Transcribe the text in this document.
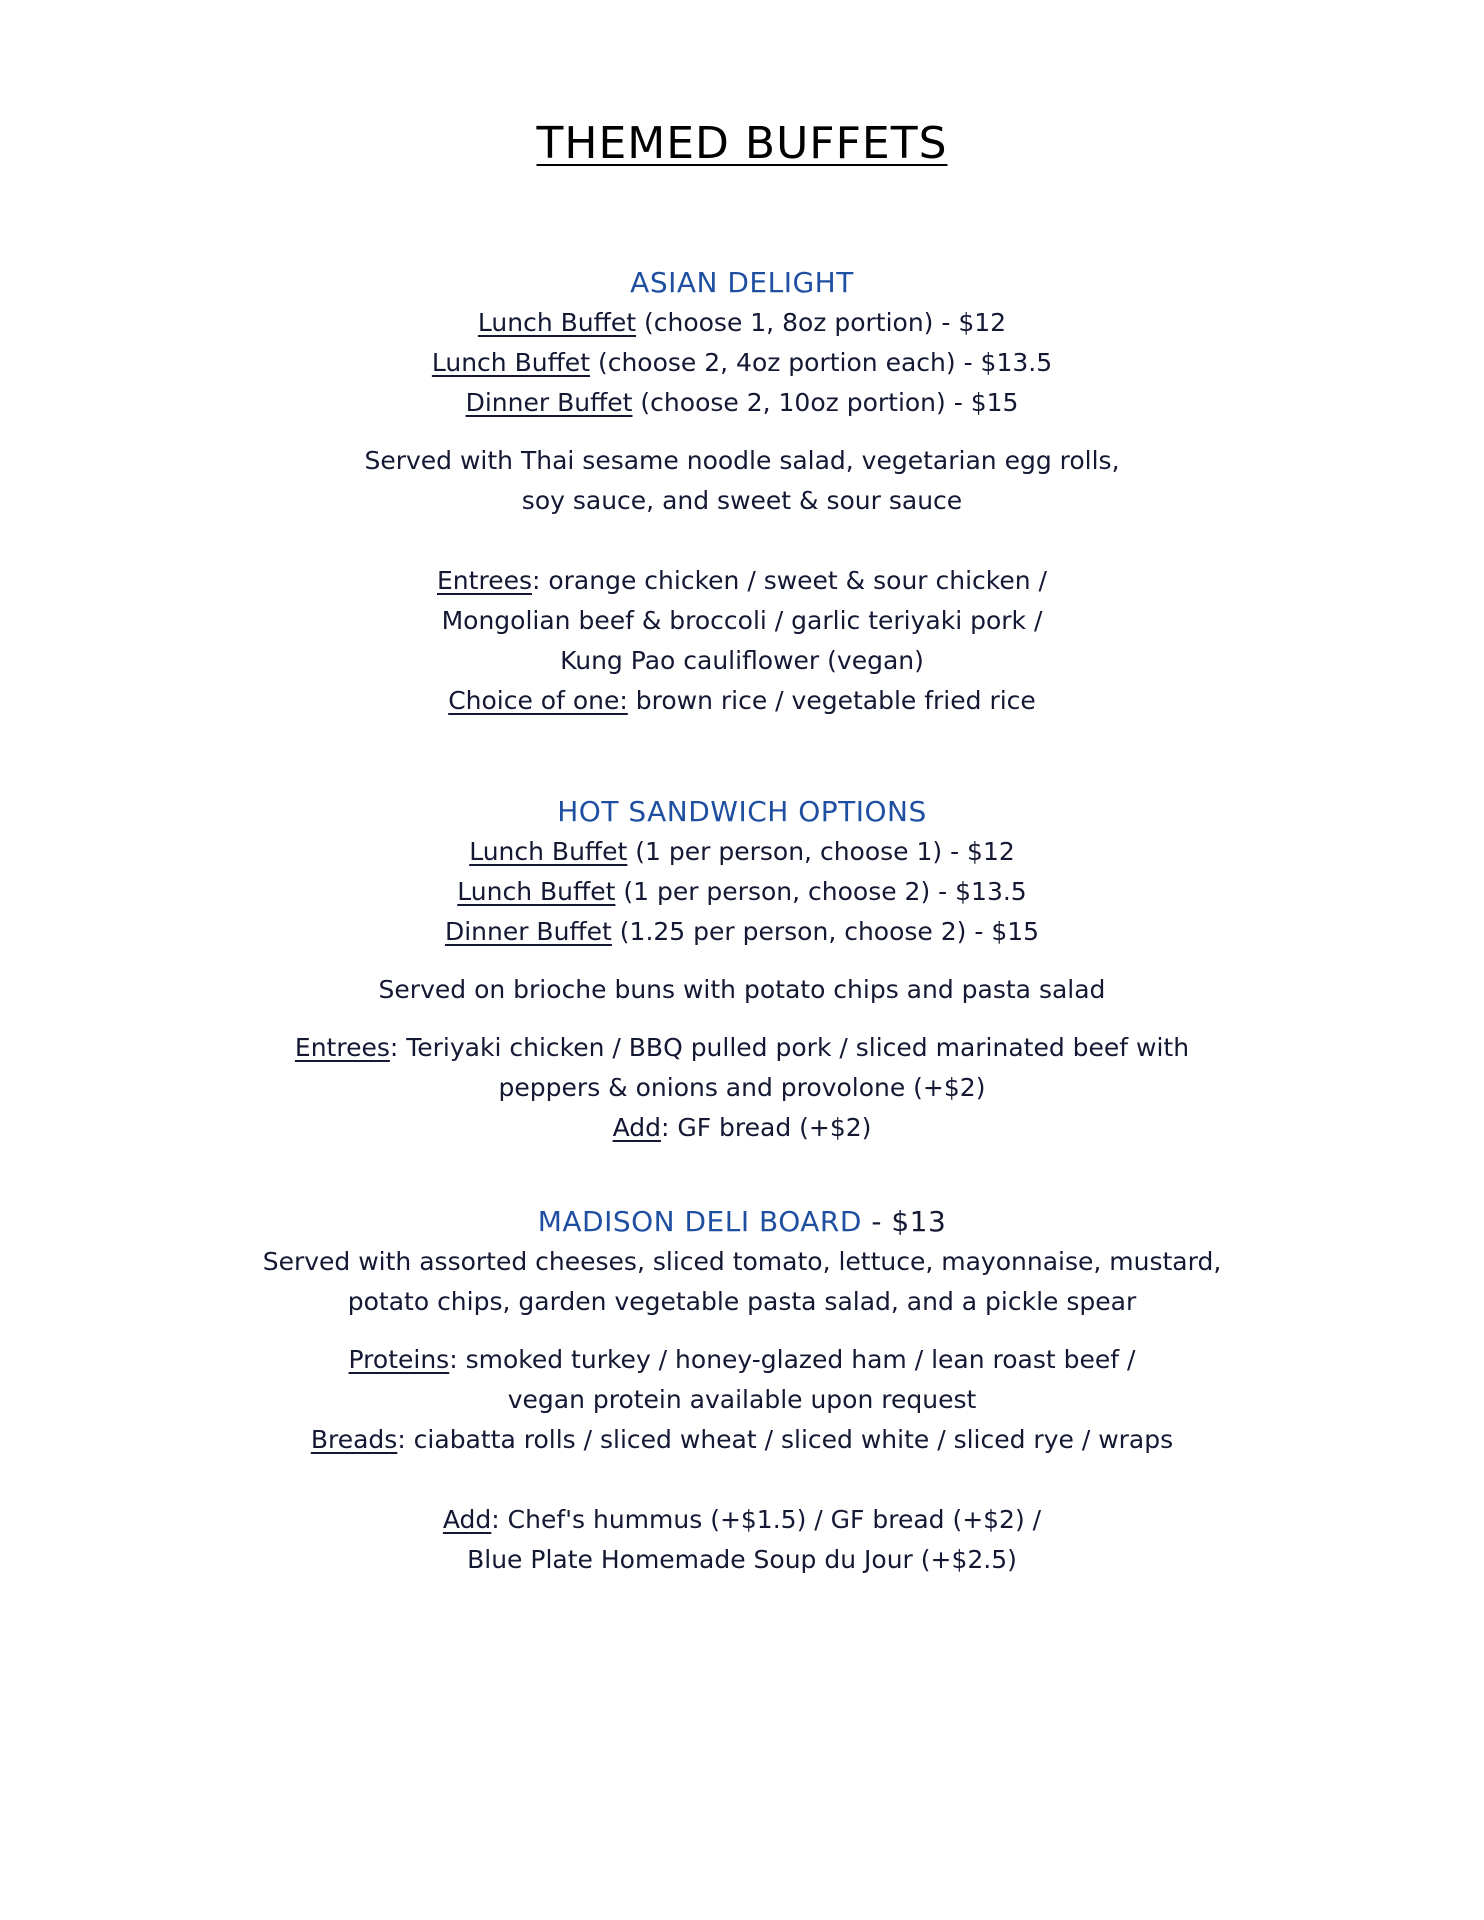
THEMED BUFFETS
ASIAN DELIGHT

Lunch Buffet (choose 1, 8oz portion) - $12

Lunch Buffet (choose 2, 4oz portion each) - $13.5

Dinner Buffet (choose 2, 10oz portion) - $15

Served with Thai sesame noodle salad, vegetarian egg rolls,

soy sauce, and sweet & sour sauce

Entrees: orange chicken / sweet & sour chicken /

Mongolian beef & broccoli / garlic teriyaki pork /

Kung Pao cauliflower (vegan)

Choice of one: brown rice / vegetable fried rice

HOT SANDWICH OPTIONS

Lunch Buffet (1 per person, choose 1) - $12

Lunch Buffet (1 per person, choose 2) - $13.5

Dinner Buffet (1.25 per person, choose 2) - $15

Served on brioche buns with potato chips and pasta salad

Entrees: Teriyaki chicken / BBQ pulled pork / sliced marinated beef with

peppers & onions and provolone (+$2)

Add: GF bread (+$2)

MADISON DELI BOARD - $13

Served with assorted cheeses, sliced tomato, lettuce, mayonnaise, mustard,

potato chips, garden vegetable pasta salad, and a pickle spear

Proteins: smoked turkey / honey-glazed ham / lean roast beef /

vegan protein available upon request

Breads: ciabatta rolls / sliced wheat / sliced white / sliced rye / wraps

Add: Chef's hummus (+$1.5) / GF bread (+$2) /

Blue Plate Homemade Soup du Jour (+$2.5)
